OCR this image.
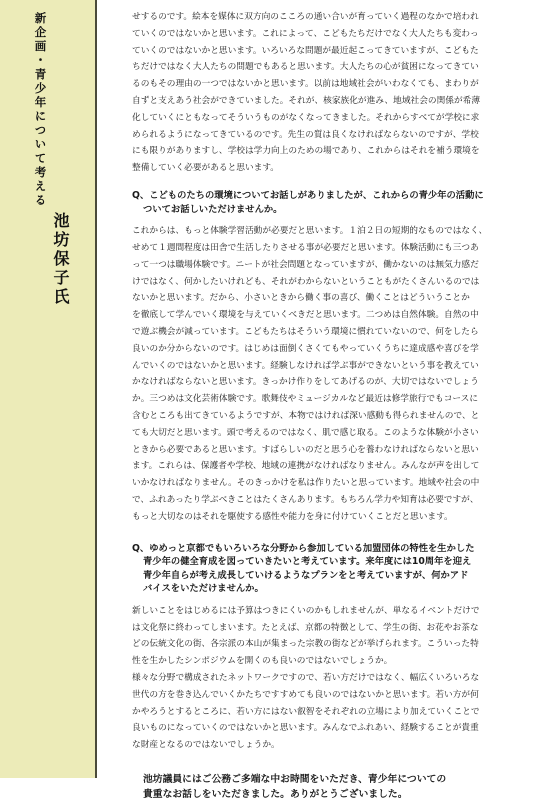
新企画・青少年について考える
池坊保子氏
せするのです。絵本を媒体に双方向のこころの通い合いが育っていく過程のなかで培われ
ていくのではないかと思います。これによって、こどもたちだけでなく大人たちも変わっ
ていくのではないかと思います。いろいろな問題が最近起こってきていますが、こどもた
ちだけではなく大人たちの問題でもあると思います。大人たちの心が貧困になってきてい
るのもその理由の一つではないかと思います。以前は地域社会がいわなくても、まわりが
自ずと支えあう社会ができていました。それが、核家族化が進み、地域社会の関係が希薄
化していくにともなってそういうものがなくなってきました。それからすべてが学校に求
められるようになってきているのです。先生の質は良くなければならないのですが、学校
にも限りがありますし、学校は学力向上のための場であり、これからはそれを補う環境を
整備していく必要があると思います。
Q、こどものたちの環境についてお話しがありましたが、これからの青少年の活動に
ついてお話しいただけませんか。
これからは、もっと体験学習活動が必要だと思います。１泊２日の短期的なものではなく、
せめて１週間程度は田舎で生活したりさせる事が必要だと思います。体験活動にも三つあ
って一つは職場体験です。ニートが社会問題となっていますが、働かないのは無気力感だ
けではなく、何かしたいけれども、それがわからないということもがたくさんいるのでは
ないかと思います。だから、小さいときから働く事の喜び、働くことはどういうことか
を徹底して学んでいく環境を与えていくべきだと思います。二つめは自然体験。自然の中
で遊ぶ機会が減っています。こどもたちはそういう環境に慣れていないので、何をしたら
良いのか分からないのです。はじめは面倒くさくてもやっていくうちに達成感や喜びを学
んでいくのではないかと思います。経験しなければ学ぶ事ができないという事を教えてい
かなければならないと思います。きっかけ作りをしてあげるのが、大切ではないでしょう
か。三つめは文化芸術体験です。歌舞伎やミュージカルなど最近は修学旅行でもコースに
含むところも出てきているようですが、本物ではければ深い感動も得られませんので、と
ても大切だと思います。頭で考えるのではなく、肌で感じ取る。このような体験が小さい
ときから必要であると思います。すばらしいのだと思う心を養わなければならないと思い
ます。これらは、保護者や学校、地域の連携がなければなりません。みんなが声を出して
いかなければなりません。そのきっかけを私は作りたいと思っています。地域や社会の中
で、ふれあったり学ぶべきことはたくさんあります。もちろん学力や知育は必要ですが、
もっと大切なのはそれを駆使する感性や能力を身に付けていくことだと思います。
Q、ゆめっと京都でもいろいろな分野から参加している加盟団体の特性を生かした
青少年の健全育成を図っていきたいと考えています。来年度には10周年を迎え
青少年自らが考え成長していけるようなプランをと考えていますが、何かアド
バイスをいただけませんか。
新しいことをはじめるには予算はつきにくいのかもしれませんが、単なるイベントだけで
は文化祭に終わってしまいます。たとえば、京都の特徴として、学生の街、お花やお茶な
どの伝統文化の街、各宗派の本山が集まった宗教の街などが挙げられます。こういった特
性を生かしたシンポジウムを開くのも良いのではないでしょうか。
様々な分野で構成されたネットワークですので、若い方だけではなく、幅広くいろいろな
世代の方を巻き込んでいくかたちですすめても良いのではないかと思います。若い方が何
かやろうとするところに、若い方にはない叡智をそれぞれの立場により加えていくことで
良いものになっていくのではないかと思います。みんなでふれあい、経験することが貴重
な財産となるのではないでしょうか。
池坊議員にはご公務ご多端な中お時間をいただき、青少年についての
貴重なお話しをいただきました。ありがとうございました。
